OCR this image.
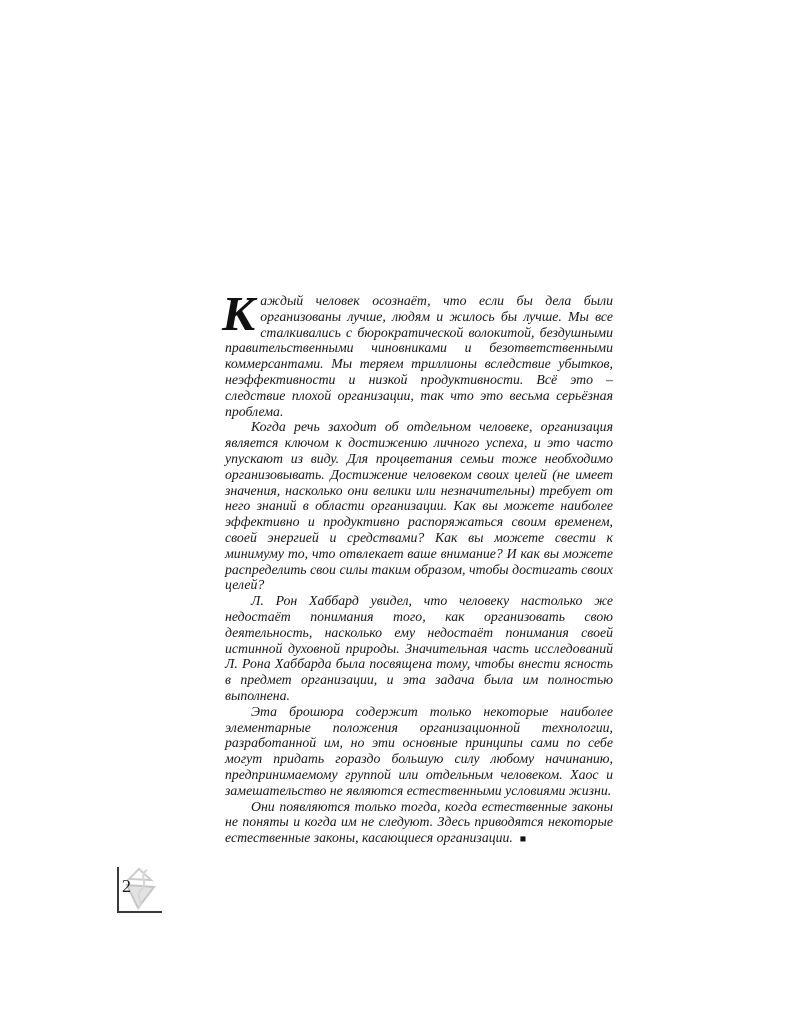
Каждый человек осознаёт, что если бы дела были организованы лучше, людям и жилось бы лучше. Мы все сталкивались с бюрократической волокитой, бездушными правительственными чиновниками и безответственными коммерсантами. Мы теряем триллионы вследствие убытков, неэффективности и низкой продуктивности. Всё это – следствие плохой организации, так что это весьма серьёзная проблема.

Когда речь заходит об отдельном человеке, организация является ключом к достижению личного успеха, и это часто упускают из виду. Для процветания семьи тоже необходимо организовывать. Достижение человеком своих целей (не имеет значения, насколько они велики или незначительны) требует от него знаний в области организации. Как вы можете наиболее эффективно и продуктивно распоряжаться своим временем, своей энергией и средствами? Как вы можете свести к минимуму то, что отвлекает ваше внимание? И как вы можете распределить свои силы таким образом, чтобы достигать своих целей?

Л. Рон Хаббард увидел, что человеку настолько же недостаёт понимания того, как организовать свою деятельность, насколько ему недостаёт понимания своей истинной духовной природы. Значительная часть исследований Л. Рона Хаббарда была посвящена тому, чтобы внести ясность в предмет организации, и эта задача была им полностью выполнена.

Эта брошюра содержит только некоторые наиболее элементарные положения организационной технологии, разработанной им, но эти основные принципы сами по себе могут придать гораздо большую силу любому начинанию, предпринимаемому группой или отдельным человеком. Хаос и замешательство не являются естественными условиями жизни.

Они появляются только тогда, когда естественные законы не поняты и когда им не следуют. Здесь приводятся некоторые естественные законы, касающиеся организации. ■

2
